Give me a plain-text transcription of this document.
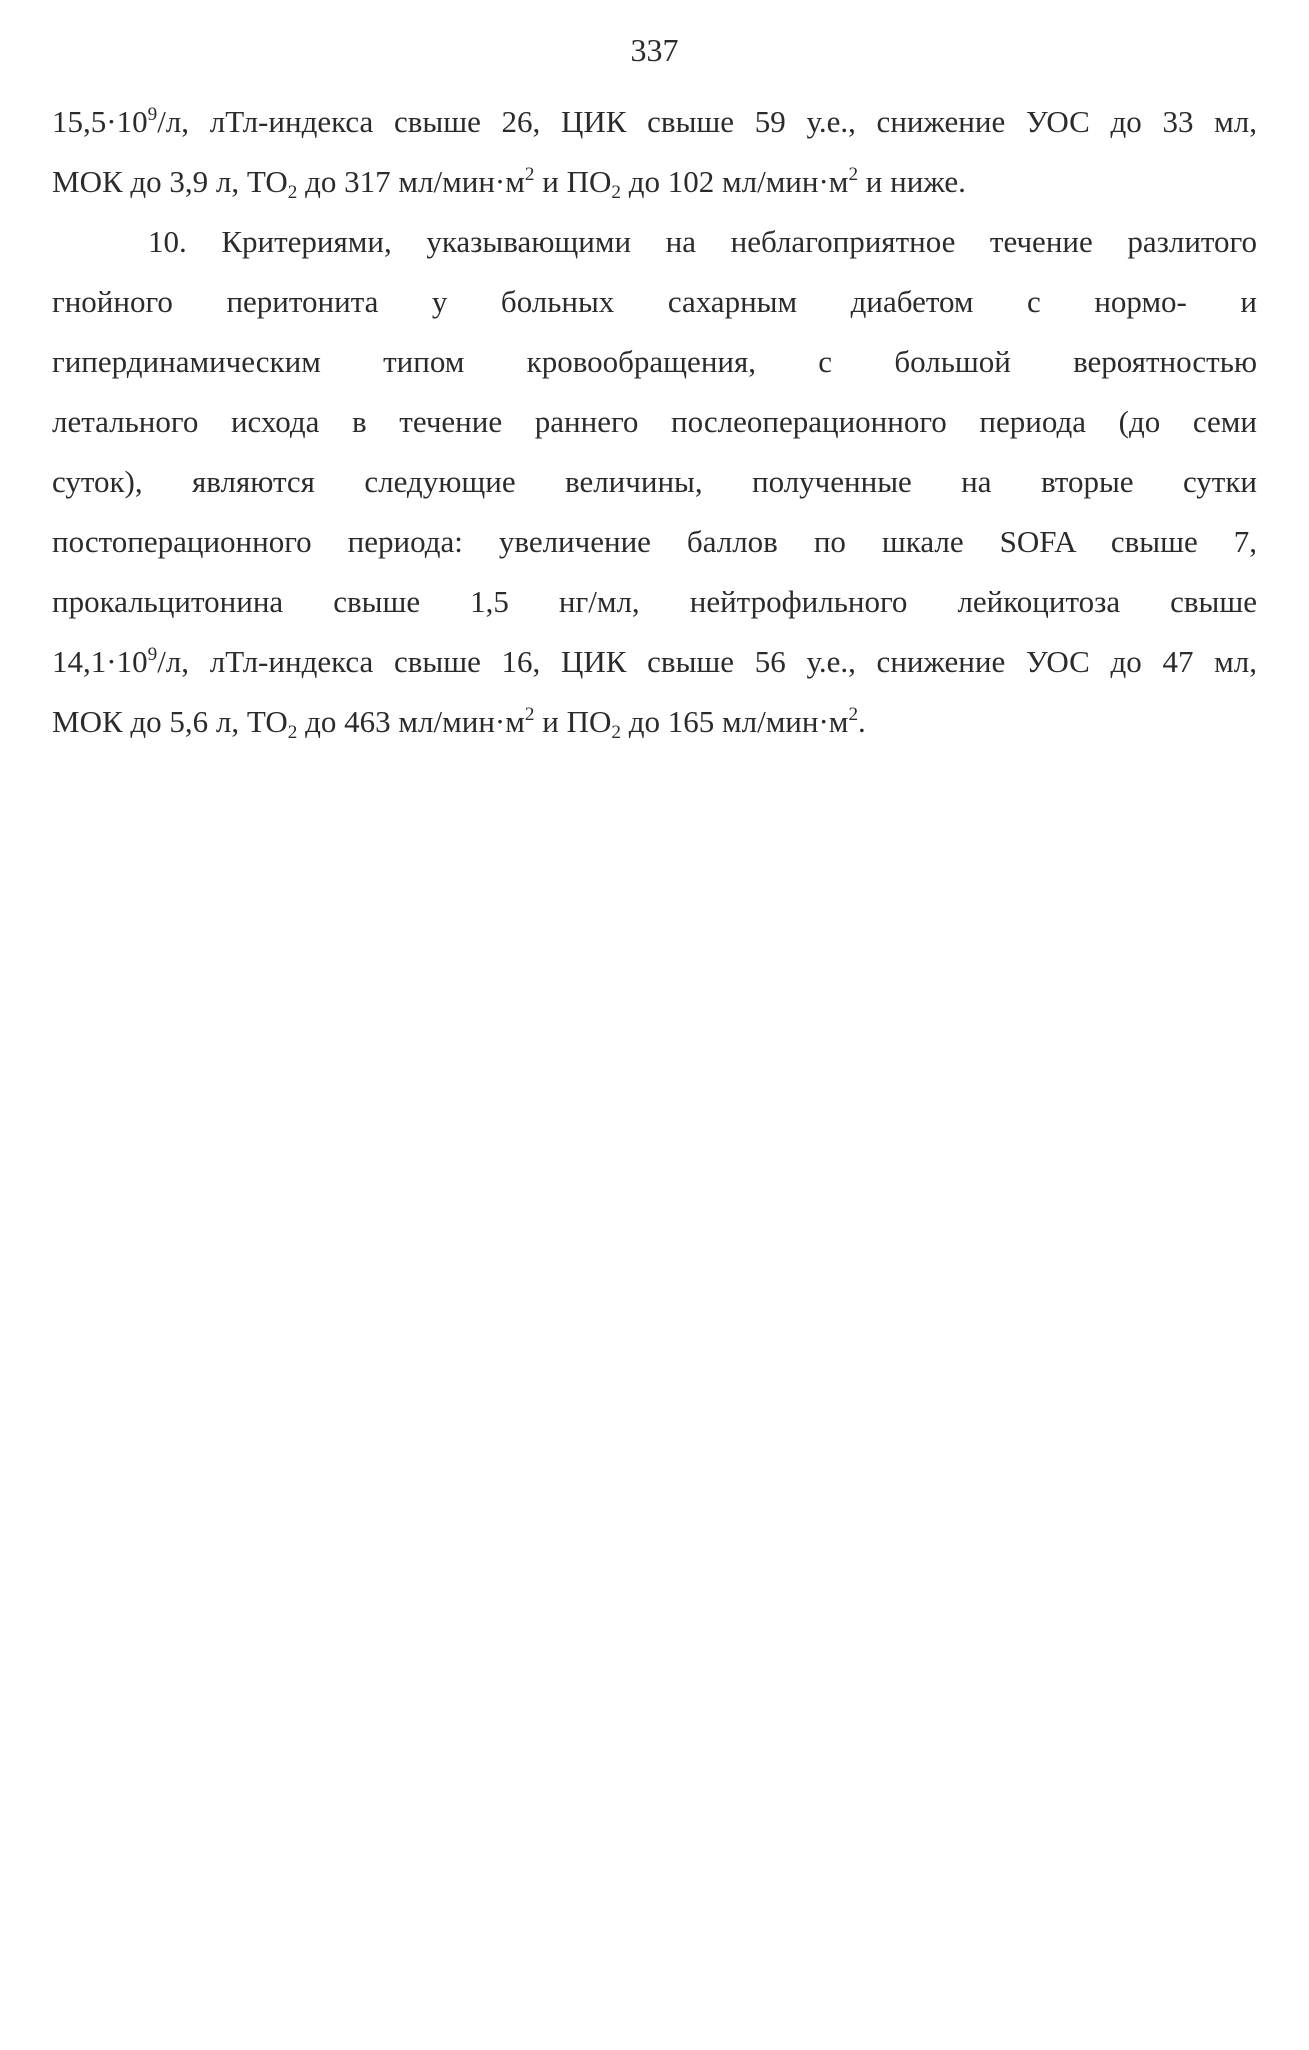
337
$15,5\cdot 10^9/л$, лТл-индекса свыше 26, ЦИК свыше 59 у.е., снижение УОС до 33 мл,
МОК до 3,9 л, $ТО_2$ до 317 $мл/мин\cdot м^2$ и $ПО_2$ до 102 $мл/мин\cdot м^2$ и ниже.
10. Критериями, указывающими на неблагоприятное течение разлитого
гнойного перитонита у больных сахарным диабетом с нормо- и
гипердинамическим типом кровообращения, с большой вероятностью
летального исхода в течение раннего послеоперационного периода (до семи
суток), являются следующие величины, полученные на вторые сутки
постоперационного периода: увеличение баллов по шкале SOFA свыше 7,
прокальцитонина свыше 1,5 нг/мл, нейтрофильного лейкоцитоза свыше
$14,1\cdot 10^9/л$, лТл-индекса свыше 16, ЦИК свыше 56 у.е., снижение УОС до 47 мл,
МОК до 5,6 л, $ТО_2$ до 463 $мл/мин\cdot м^2$ и $ПО_2$ до 165 $мл/мин\cdot м^2$.
